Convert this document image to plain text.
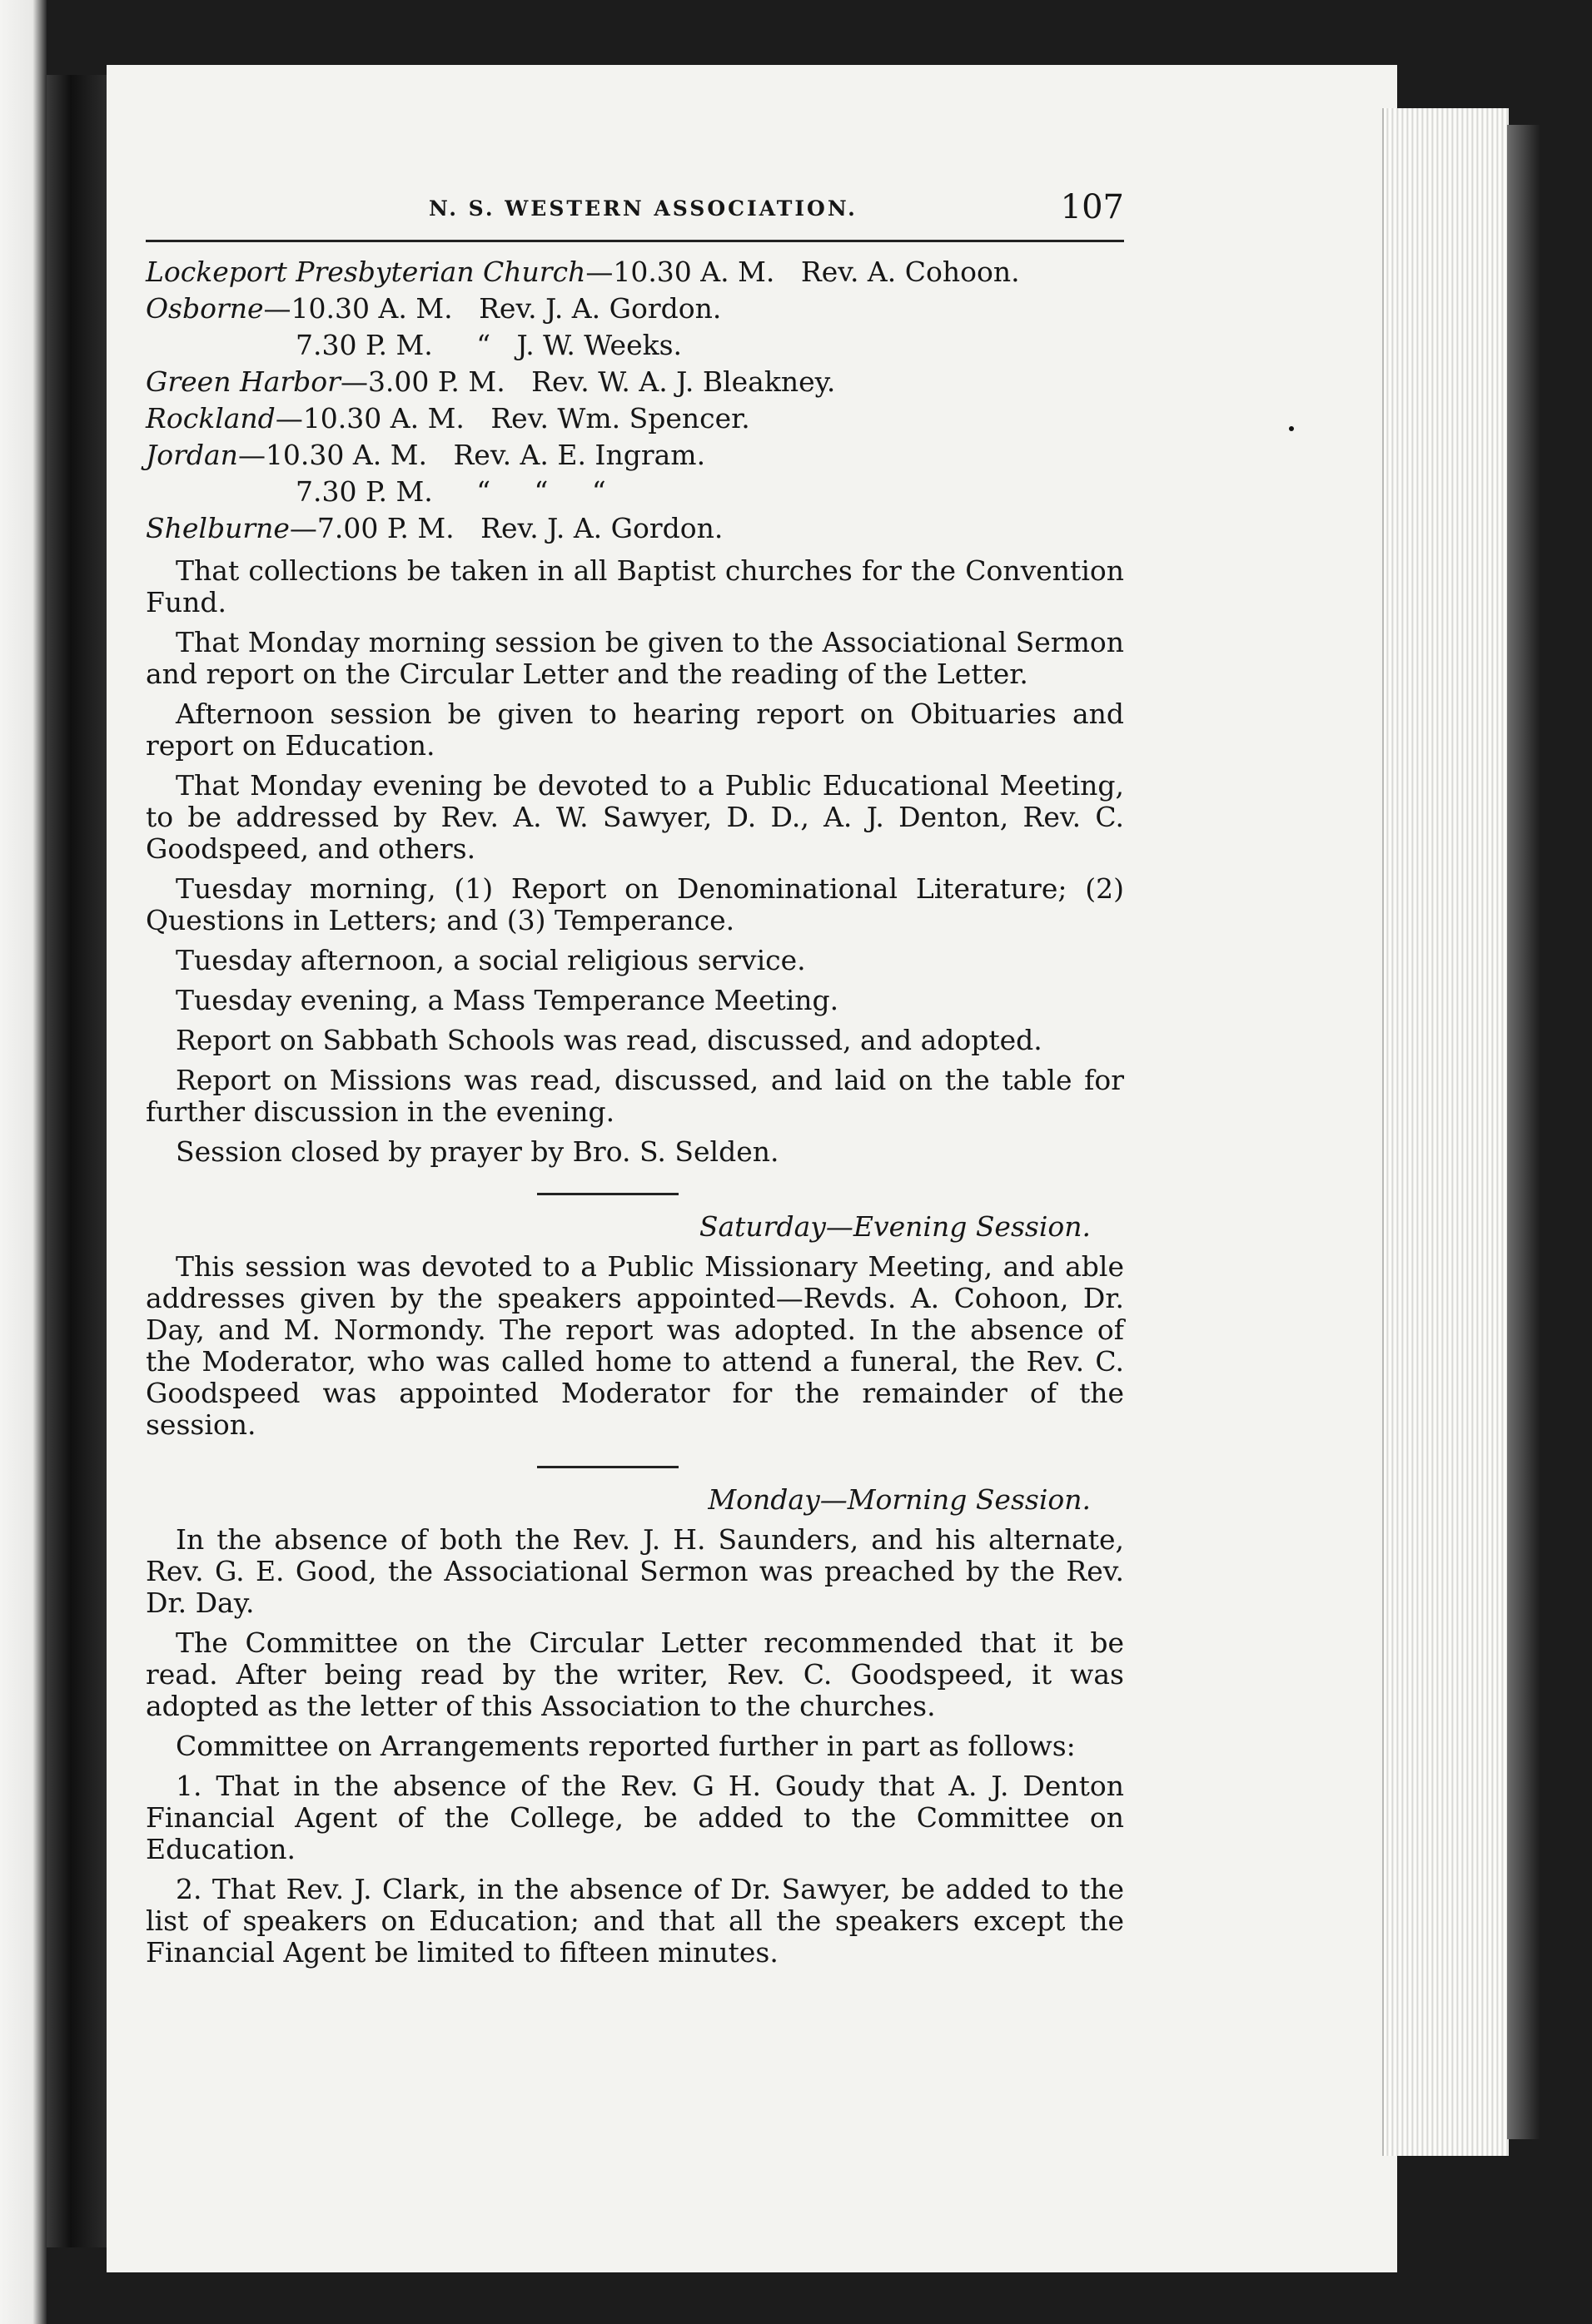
N. S. WESTERN ASSOCIATION.	107
Lockeport Presbyterian Church—10.30 A. M.   Rev. A. Cohoon.
Osborne—10.30 A. M.   Rev. J. A. Gordon.
7.30 P. M.     “   J. W. Weeks.
Green Harbor—3.00 P. M.   Rev. W. A. J. Bleakney.
Rockland—10.30 A. M.   Rev. Wm. Spencer.
Jordan—10.30 A. M.   Rev. A. E. Ingram.
7.30 P. M.     “     “     “
Shelburne—7.00 P. M.   Rev. J. A. Gordon.

That collections be taken in all Baptist churches for the Convention Fund.

That Monday morning session be given to the Associational Sermon and report on the Circular Letter and the reading of the Letter.

Afternoon session be given to hearing report on Obituaries and report on Education.

That Monday evening be devoted to a Public Educational Meeting, to be addressed by Rev. A. W. Sawyer, D. D., A. J. Denton, Rev. C. Goodspeed, and others.

Tuesday morning, (1) Report on Denominational Literature; (2) Questions in Letters; and (3) Temperance.

Tuesday afternoon, a social religious service.

Tuesday evening, a Mass Temperance Meeting.

Report on Sabbath Schools was read, discussed, and adopted.

Report on Missions was read, discussed, and laid on the table for further discussion in the evening.

Session closed by prayer by Bro. S. Selden.

Saturday—Evening Session.

This session was devoted to a Public Missionary Meeting, and able addresses given by the speakers appointed—Revds. A. Cohoon, Dr. Day, and M. Normondy. The report was adopted. In the absence of the Moderator, who was called home to attend a funeral, the Rev. C. Goodspeed was appointed Moderator for the remainder of the session.

Monday—Morning Session.

In the absence of both the Rev. J. H. Saunders, and his alternate, Rev. G. E. Good, the Associational Sermon was preached by the Rev. Dr. Day.

The Committee on the Circular Letter recommended that it be read. After being read by the writer, Rev. C. Goodspeed, it was adopted as the letter of this Association to the churches.

Committee on Arrangements reported further in part as follows:

1. That in the absence of the Rev. G H. Goudy that A. J. Denton Financial Agent of the College, be added to the Committee on Education.

2. That Rev. J. Clark, in the absence of Dr. Sawyer, be added to the list of speakers on Education; and that all the speakers except the Financial Agent be limited to fifteen minutes.
